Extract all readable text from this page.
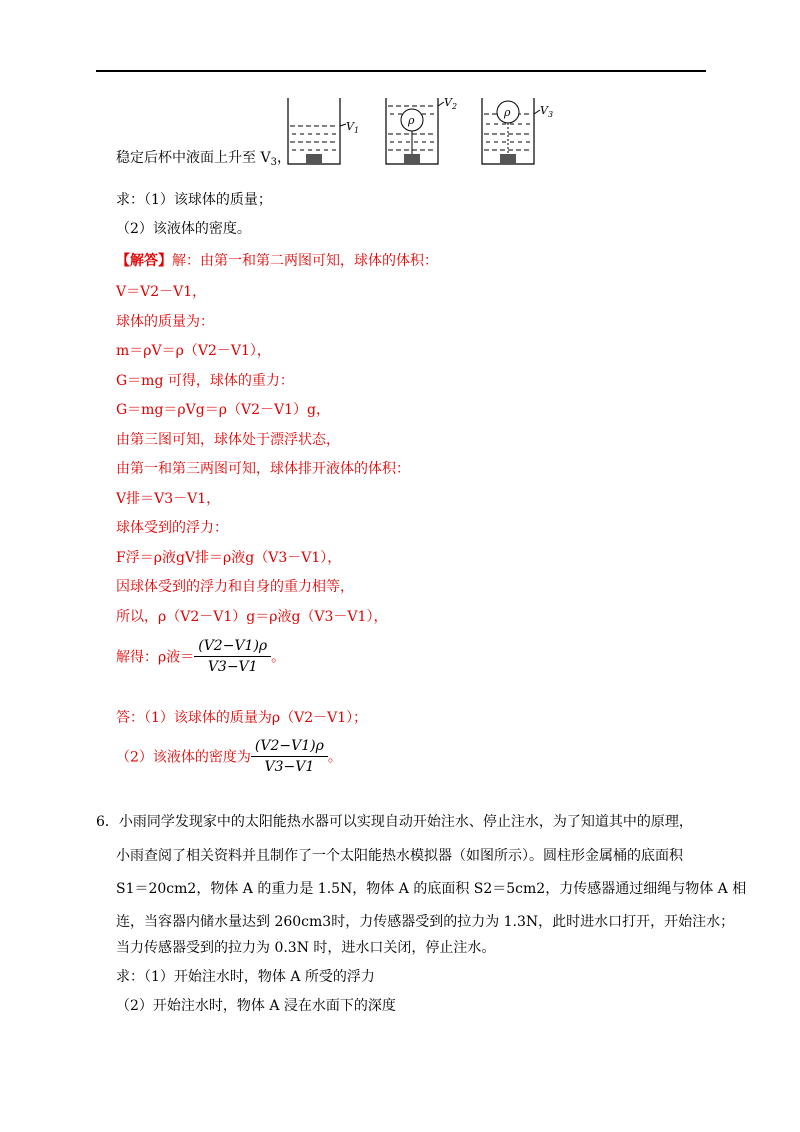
稳定后杯中液面上升至 $V_3$，
$V_1$
ρ
$V_2$	ρ	$V_3$
求：（1）该球体的质量；
（2）该液体的密度。
【解答】解：由第一和第二两图可知，球体的体积：
V＝V2－V1，
球体的质量为：
m＝ρV＝ρ（V2－V1），
G＝mg 可得，球体的重力：
G＝mg＝ρVg＝ρ（V2－V1）g，
由第三图可知，球体处于漂浮状态，
由第一和第三两图可知，球体排开液体的体积：
V排＝V3－V1，
球体受到的浮力：
F浮＝ρ液gV排＝ρ液g（V3－V1），
因球体受到的浮力和自身的重力相等，
所以，ρ（V2－V1）g＝ρ液g（V3－V1），
解得：ρ液＝ $\frac{(V2-V1)\rho}{V3-V1}$ 。
答：（1）该球体的质量为ρ（V2－V1）；
（2）该液体的密度为 $\frac{(V2-V1)\rho}{V3-V1}$ 。
6．小雨同学发现家中的太阳能热水器可以实现自动开始注水、停止注水，为了知道其中的原理，
小雨查阅了相关资料并且制作了一个太阳能热水模拟器（如图所示）。圆柱形金属桶的底面积
S1＝20cm2，物体 A 的重力是 1.5N，物体 A 的底面积 S2＝5cm2，力传感器通过细绳与物体 A 相
连，当容器内储水量达到 260cm3时，力传感器受到的拉力为 1.3N，此时进水口打开，开始注水；
当力传感器受到的拉力为 0.3N 时，进水口关闭，停止注水。
求：（1）开始注水时，物体 A 所受的浮力
（2）开始注水时，物体 A 浸在水面下的深度
